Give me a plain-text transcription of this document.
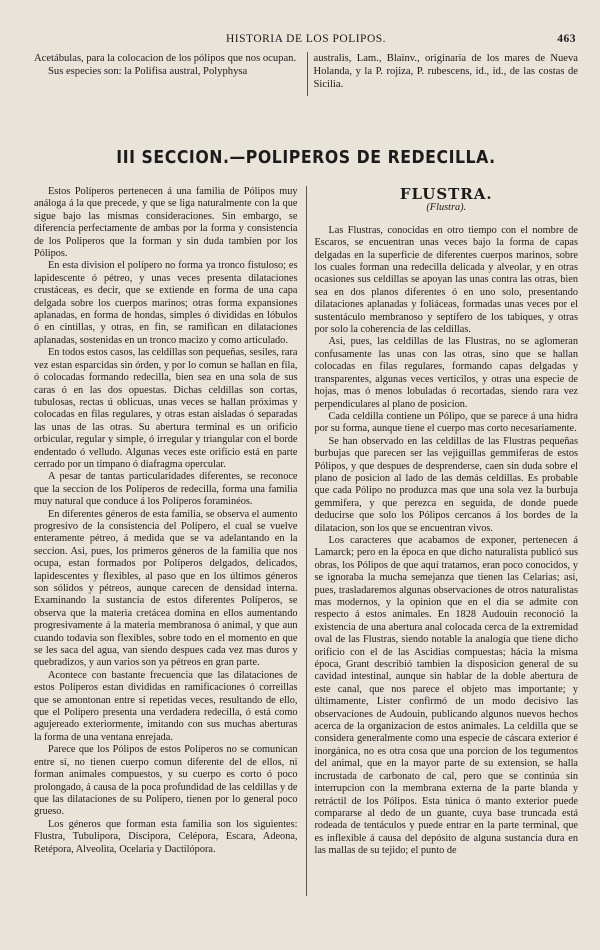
HISTORIA DE LOS POLIPOS.	463

Acetábulas, para la colocacion de los pólipos que nos ocupan.

Sus especies son: la Polifisa austral, Polyphysa

australis, Lam., Blainv., originaria de los mares de Nueva Holanda, y la P. rojiza, P. rubescens, id., id., de las costas de Sicilia.

III SECCION.—POLIPEROS DE REDECILLA.

Estos Políperos pertenecen á una familia de Pólipos muy análoga á la que precede, y que se liga naturalmente con la que sigue bajo las mismas consideraciones. Sin embargo, se diferencia perfectamente de ambas por la forma y consistencia de los Poliperos que la forman y sin duda tambien por los Pólipos.

En esta division el polípero no forma ya tronco fistuloso; es lapidescente ó pétreo, y unas veces presenta dilataciones crustáceas, es decir, que se extiende en forma de una capa delgada sobre los cuerpos marinos; otras forma expansiones aplanadas, en forma de hondas, simples ó divididas en lóbulos ó en cintillas, y otras, en fin, se ramifican en dilataciones aplanadas, sostenidas en un tronco macizo y como articulado.

En todos estos casos, las celdillas son pequeñas, sesiles, rara vez estan esparcidas sin órden, y por lo comun se hallan en fila, ó colocadas formando redecilla, bien sea en una sola de sus caras ó en las dos opuestas. Dichas celdillas son cortas, tubulosas, rectas ú oblicuas, unas veces se hallan próximas y colocadas en filas regulares, y otras estan aisladas ó separadas las unas de las otras. Su abertura terminal es un orificio orbicular, regular y simple, ó irregular y triangular con el borde endentado ó velludo. Algunas veces este orificio está en parte cerrado por un timpano ó diafragma opercular.

A pesar de tantas particularidades diferentes, se reconoce que la seccion de los Políperos de redecilla, forma una familia muy natural que conduce á los Políperos foraminéos.

En diferentes géneros de esta familia, se observa el aumento progresivo de la consistencia del Polípero, el cual se vuelve enteramente pétreo, á medida que se va adelantando en la seccion. Asi, pues, los primeros géneros de la familia que nos ocupa, estan formados por Políperos delgados, delicados, lapidescentes y flexibles, al paso que en los últimos géneros son sólidos y pétreos, aunque carecen de densidad interna. Examinando la sustancia de estos diferentes Políperos, se observa que la materia cretácea domina en ellos aumentando progresivamente á la materia membranosa ó animal, y que aun cuando todavia son flexibles, sobre todo en el momento en que se les saca del agua, van siendo despues cada vez mas duros y quebradizos, y aun varios son ya pétreos en gran parte.

Acontece con bastante frecuencia que las dilataciones de estos Políperos estan divididas en ramificaciones ó correillas que se amontonan entre sí repetidas veces, resultando de ello, que el Polípero presenta una verdadera redecilla, ó está como agujereado exteriormente, imitando con sus muchas aberturas la forma de una ventana enrejada.

Parece que los Pólipos de estos Políperos no se comunican entre sí, no tienen cuerpo comun diferente del de ellos, ni forman animales compuestos, y su cuerpo es corto ó poco prolongado, á causa de la poca profundidad de las celdillas y de que las dilataciones de su Polípero, tienen por lo general poco grueso.

Los géneros que forman esta familia son los siguientes: Flustra, Tubulipora, Discipora, Celépora, Escara, Adeona, Retépora, Alveolita, Ocelaria y Dactilópora.

FLUSTRA.
(Flustra).

Las Flustras, conocidas en otro tiempo con el nombre de Escaros, se encuentran unas veces bajo la forma de capas delgadas en la superficie de diferentes cuerpos marinos, sobre los cuales forman una redecilla delicada y alveolar, y en otras ocasiones sus celdillas se apoyan las unas contra las otras, bien sea en dos planos diferentes ó en uno solo, presentando dilataciones aplanadas y foliáceas, formadas unas veces por el sustentáculo membranoso y septífero de los tabiques, y otras por solo la coherencia de las celdillas.

Asi, pues, las celdillas de las Flustras, no se aglomeran confusamente las unas con las otras, sino que se hallan colocadas en filas regulares, formando capas delgadas y transparentes, algunas veces verticilos, y otras una especie de hojas, mas ó menos lobuladas ó recortadas, siendo rara vez perpendiculares al plano de posicion.

Cada celdilla contiene un Pólipo, que se parece á una hidra por su forma, aunque tiene el cuerpo mas corto necesariamente.

Se han observado en las celdillas de las Flustras pequeñas burbujas que parecen ser las vejiguillas gemmiferas de estos Pólipos, y que despues de desprenderse, caen sin duda sobre el plano de posicion al lado de las demás celdillas. Es probable que cada Pólipo no produzca mas que una sola vez la burbuja gemmifera, y que perezca en seguida, de donde puede deducirse que solo los Pólipos cercanos á los bordes de la dilatacion, son los que se encuentran vivos.

Los caracteres que acabamos de exponer, pertenecen á Lamarck; pero en la época en que dicho naturalista publicó sus obras, los Pólipos de que aquí tratamos, eran poco conocidos, y se ignoraba la mucha semejanza que tienen las Celarias; asi, pues, trasladaremos algunas observaciones de otros naturalistas mas modernos, y la opinion que en el dia se admite con respecto á estos animales. En 1828 Audouin reconoció la existencia de una abertura anal colocada cerca de la extremidad oval de las Flustras, siendo notable la analogía que tiene dicho orificio con el de las Ascidias compuestas; hácia la misma época, Grant describió tambien la disposicion general de su cavidad intestinal, aunque sin hablar de la doble abertura de este canal, que nos parece el objeto mas importante; y últimamente, Lister confirmó de un modo decisivo las observaciones de Audouin, publicando algunos nuevos hechos acerca de la organizacion de estos animales. La celdilla que se considera generalmente como una especie de cáscara exterior é inorgánica, no es otra cosa que una porcion de los tegumentos del animal, que en la mayor parte de su extension, se halla incrustada de carbonato de cal, pero que se continúa sin interrupcion con la membrana externa de la parte blanda y retráctil de los Pólipos. Esta túnica ó manto exterior puede compararse al dedo de un guante, cuya base truncada está rodeada de tentáculos y puede entrar en la parte terminal, que es inflexible á causa del depósito de alguna sustancia dura en las mallas de su tejido; el punto de
